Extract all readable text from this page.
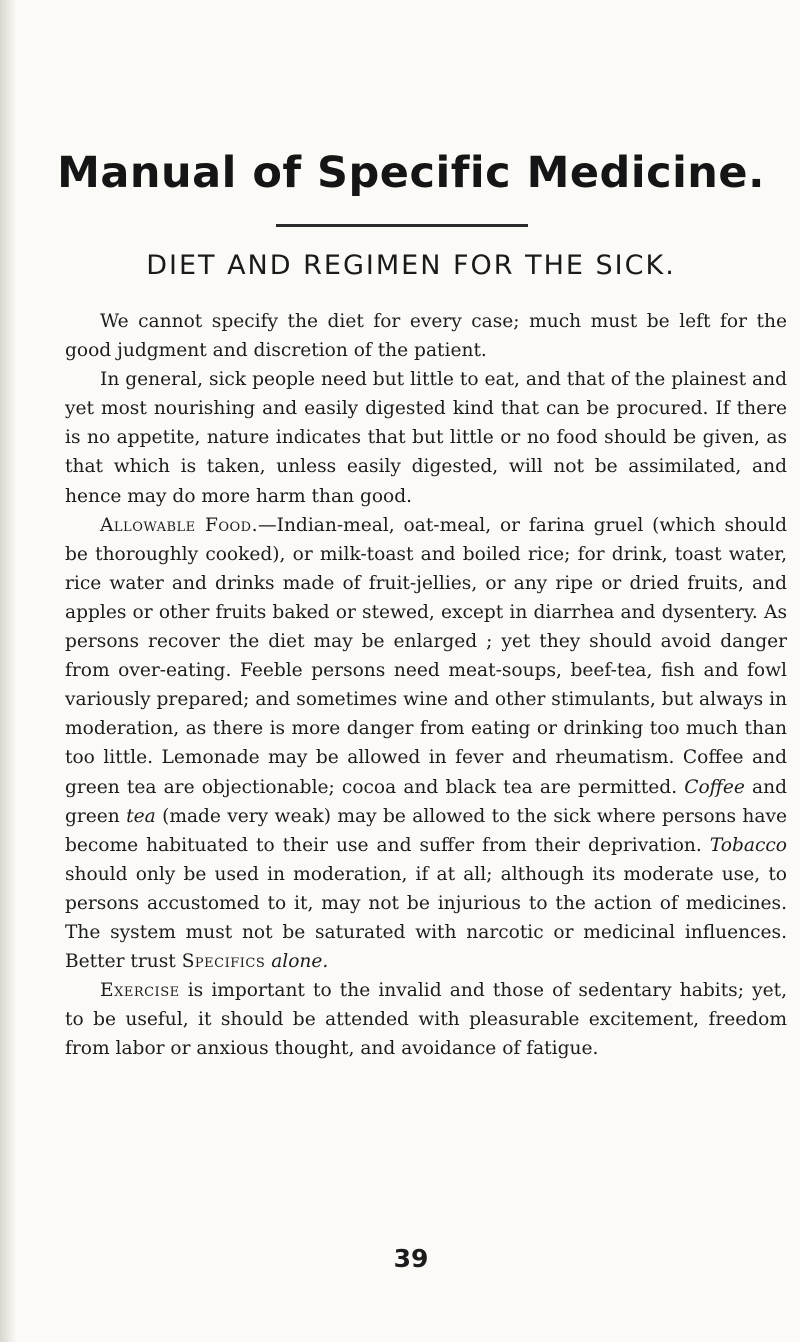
Manual of Specific Medicine.
DIET AND REGIMEN FOR THE SICK.

We cannot specify the diet for every case; much must be left for the good judgment and discretion of the patient.

In general, sick people need but little to eat, and that of the plainest and yet most nourishing and easily digested kind that can be procured. If there is no appetite, nature indicates that but little or no food should be given, as that which is taken, unless easily digested, will not be assimilated, and hence may do more harm than good.

Allowable Food.—Indian-meal, oat-meal, or farina gruel (which should be thoroughly cooked), or milk-toast and boiled rice; for drink, toast water, rice water and drinks made of fruit-jellies, or any ripe or dried fruits, and apples or other fruits baked or stewed, except in diarrhea and dysentery. As persons recover the diet may be enlarged ; yet they should avoid danger from over-eating. Feeble persons need meat-soups, beef-tea, fish and fowl variously prepared; and sometimes wine and other stimulants, but always in moderation, as there is more danger from eating or drinking too much than too little. Lemonade may be allowed in fever and rheumatism. Coffee and green tea are objectionable; cocoa and black tea are permitted. Coffee and green tea (made very weak) may be allowed to the sick where persons have become habituated to their use and suffer from their deprivation. Tobacco should only be used in moderation, if at all; although its moderate use, to persons accustomed to it, may not be injurious to the action of medicines. The system must not be saturated with narcotic or medicinal influences. Better trust Specifics alone.

Exercise is important to the invalid and those of sedentary habits; yet, to be useful, it should be attended with pleasurable excitement, freedom from labor or anxious thought, and avoidance of fatigue.

39
